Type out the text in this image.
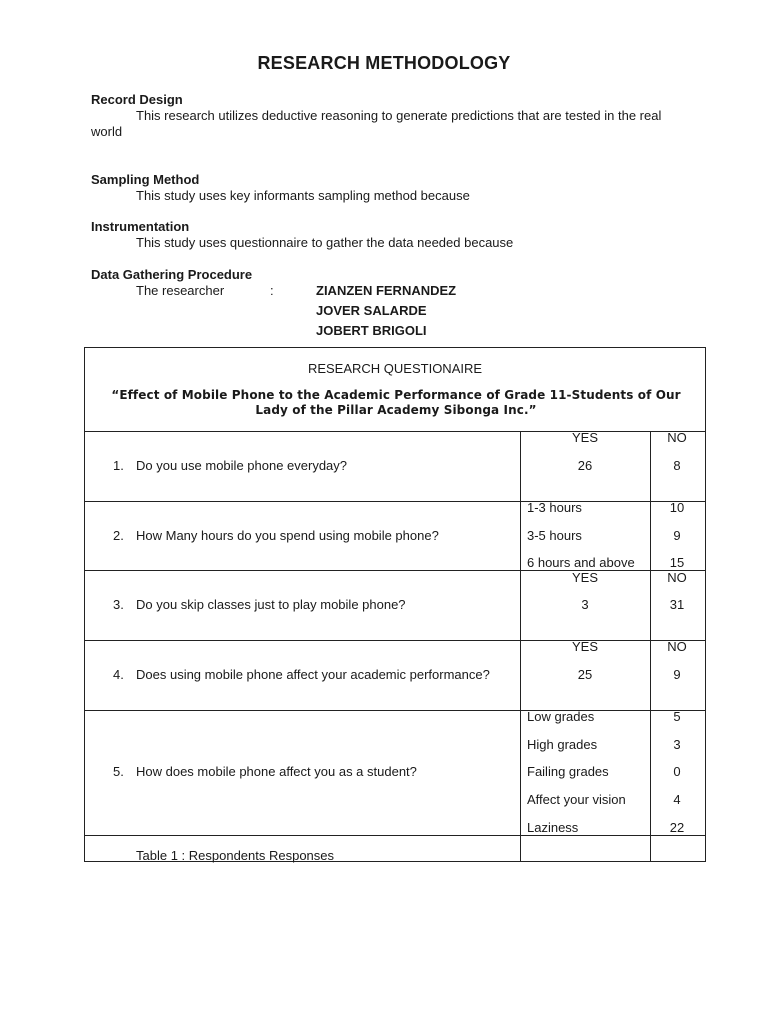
RESEARCH METHODOLOGY
Record Design
This research utilizes deductive reasoning to generate predictions that are tested in the real world
Sampling Method
This study uses key informants sampling method because
Instrumentation
This study uses questionnaire to gather the data needed because
Data Gathering Procedure
The researcher	:	ZIANZEN FERNANDEZ
JOVER SALARDE
JOBERT BRIGOLI
RESEARCH QUESTIONAIRE
“Effect of Mobile Phone to the Academic Performance of Grade 11-Students of Our Lady of the Pillar Academy Sibonga Inc.”
1. Do you use mobile phone everyday?
YES	NO
26	8
2. How Many hours do you spend using mobile phone?
1-3 hours	10
3-5 hours	9
6 hours and above	15
3. Do you skip classes just to play mobile phone?
YES	NO
3	31
4. Does using mobile phone affect your academic performance?
YES	NO
25	9
5. How does mobile phone affect you as a student?
Low grades	5
High grades	3
Failing grades	0
Affect your vision	4
Laziness	22
Table 1 : Respondents Responses
